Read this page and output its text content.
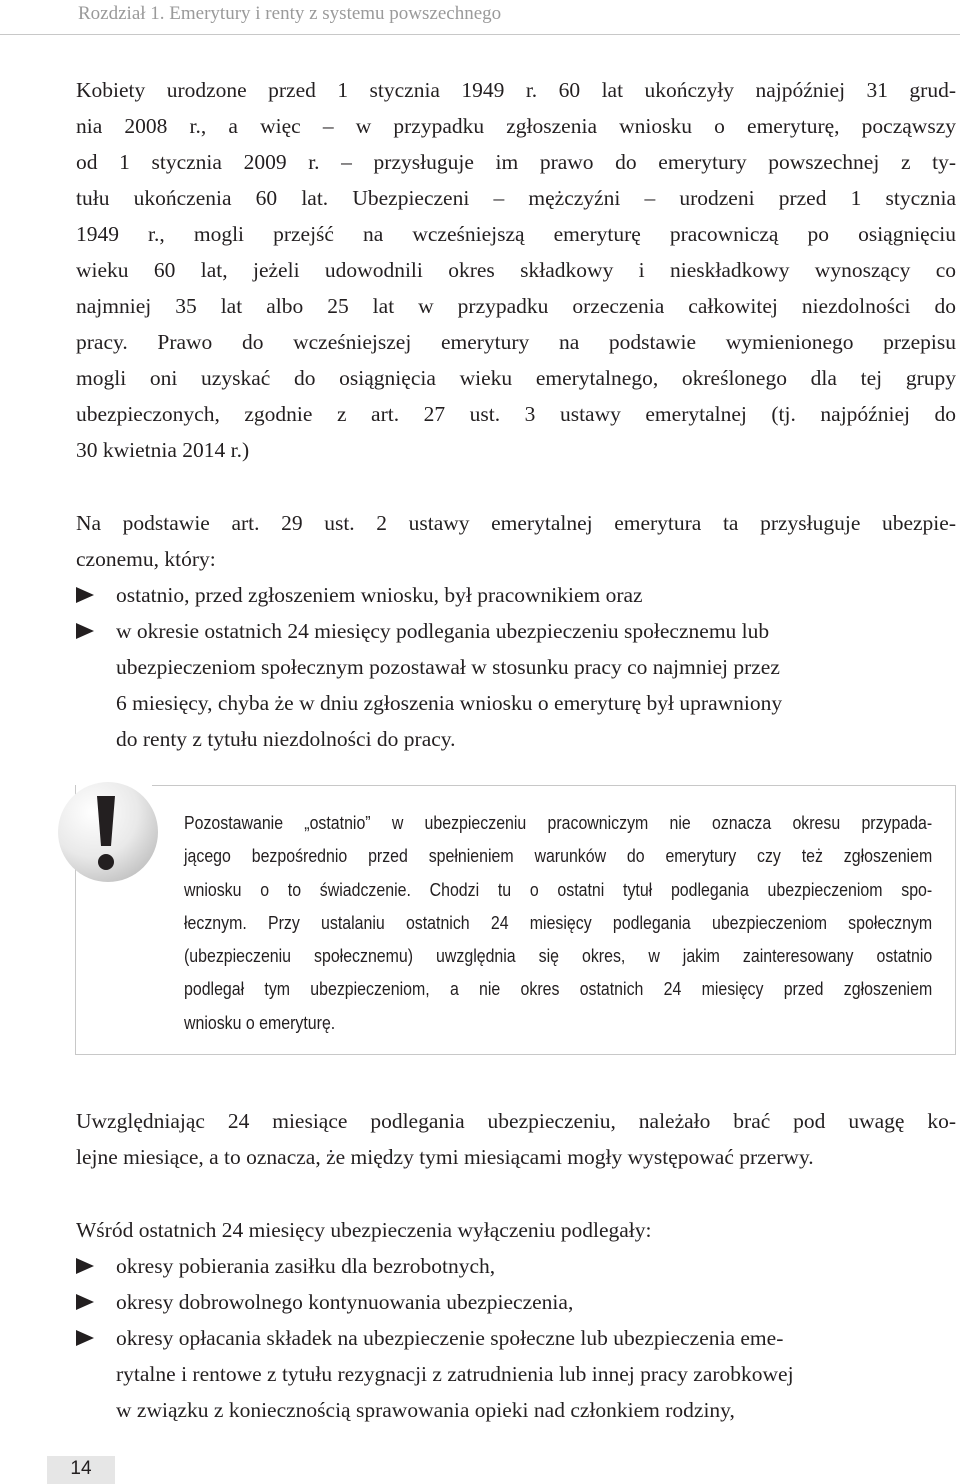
Rozdział 1. Emerytury i renty z systemu powszechnego

Kobiety urodzone przed 1 stycznia 1949 r. 60 lat ukończyły najpóźniej 31 grud-
nia 2008 r., a więc – w przypadku zgłoszenia wniosku o emeryturę, począwszy
od 1 stycznia 2009 r. – przysługuje im prawo do emerytury powszechnej z ty-
tułu ukończenia 60 lat. Ubezpieczeni – mężczyźni – urodzeni przed 1 stycznia
1949 r., mogli przejść na wcześniejszą emeryturę pracowniczą po osiągnięciu
wieku 60 lat, jeżeli udowodnili okres składkowy i nieskładkowy wynoszący co
najmniej 35 lat albo 25 lat w przypadku orzeczenia całkowitej niezdolności do
pracy. Prawo do wcześniejszej emerytury na podstawie wymienionego przepisu
mogli oni uzyskać do osiągnięcia wieku emerytalnego, określonego dla tej grupy
ubezpieczonych, zgodnie z art. 27 ust. 3 ustawy emerytalnej (tj. najpóźniej do
30 kwietnia 2014 r.)

Na podstawie art. 29 ust. 2 ustawy emerytalnej emerytura ta przysługuje ubezpie-
czonemu, który:

ostatnio, przed zgłoszeniem wniosku, był pracownikiem oraz
w okresie ostatnich 24 miesięcy podlegania ubezpieczeniu społecznemu lub
ubezpieczeniom społecznym pozostawał w stosunku pracy co najmniej przez
6 miesięcy, chyba że w dniu zgłoszenia wniosku o emeryturę był uprawniony
do renty z tytułu niezdolności do pracy.

Pozostawanie „ostatnio” w ubezpieczeniu pracowniczym nie oznacza okresu przypada-
jącego bezpośrednio przed spełnieniem warunków do emerytury czy też zgłoszeniem
wniosku o to świadczenie. Chodzi tu o ostatni tytuł podlegania ubezpieczeniom spo-
łecznym. Przy ustalaniu ostatnich 24 miesięcy podlegania ubezpieczeniom społecznym
(ubezpieczeniu społecznemu) uwzględnia się okres, w jakim zainteresowany ostatnio
podlegał tym ubezpieczeniom, a nie okres ostatnich 24 miesięcy przed zgłoszeniem
wniosku o emeryturę.

Uwzględniając 24 miesiące podlegania ubezpieczeniu, należało brać pod uwagę ko-
lejne miesiące, a to oznacza, że między tymi miesiącami mogły występować przerwy.

Wśród ostatnich 24 miesięcy ubezpieczenia wyłączeniu podlegały:

okresy pobierania zasiłku dla bezrobotnych,
okresy dobrowolnego kontynuowania ubezpieczenia,
okresy opłacania składek na ubezpieczenie społeczne lub ubezpieczenia eme-
rytalne i rentowe z tytułu rezygnacji z zatrudnienia lub innej pracy zarobkowej
w związku z koniecznością sprawowania opieki nad członkiem rodziny,
14
